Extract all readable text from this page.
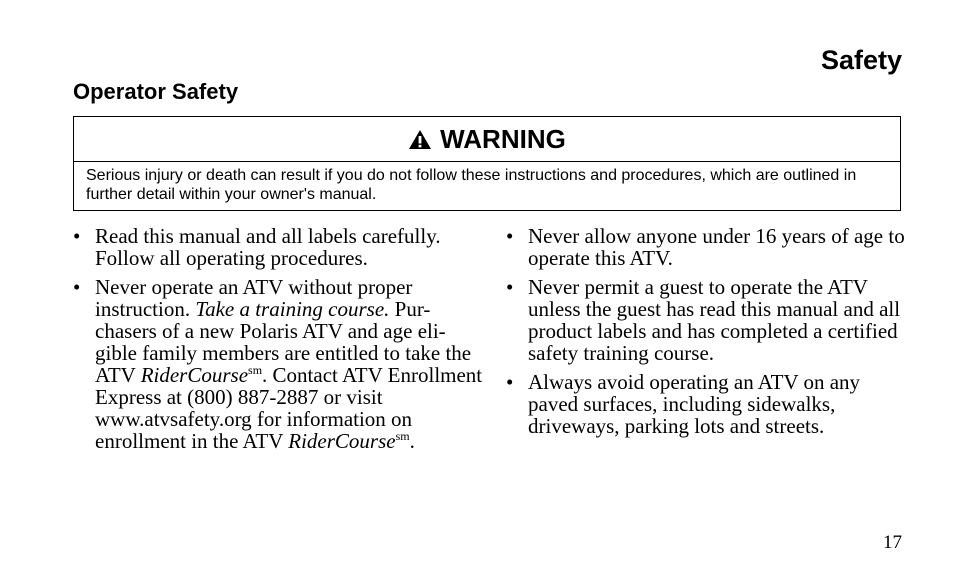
Safety
Operator Safety
WARNING
Serious injury or death can result if you do not follow these instructions and procedures, which are outlined in further detail within your owner's manual.
• Read this manual and all labels carefully. Follow all operating procedures.
• Never operate an ATV without proper instruction. Take a training course. Pur-chasers of a new Polaris ATV and age eli-gible family members are entitled to take the ATV RiderCourse$^{sm}$. Contact ATV Enrollment Express at (800) 887-2887 or visit www.atvsafety.org for information on enrollment in the ATV RiderCourse$^{sm}$.
• Never allow anyone under 16 years of age to operate this ATV.
• Never permit a guest to operate the ATV unless the guest has read this manual and all product labels and has completed a certified safety training course.
• Always avoid operating an ATV on any paved surfaces, including sidewalks, driveways, parking lots and streets.
17
